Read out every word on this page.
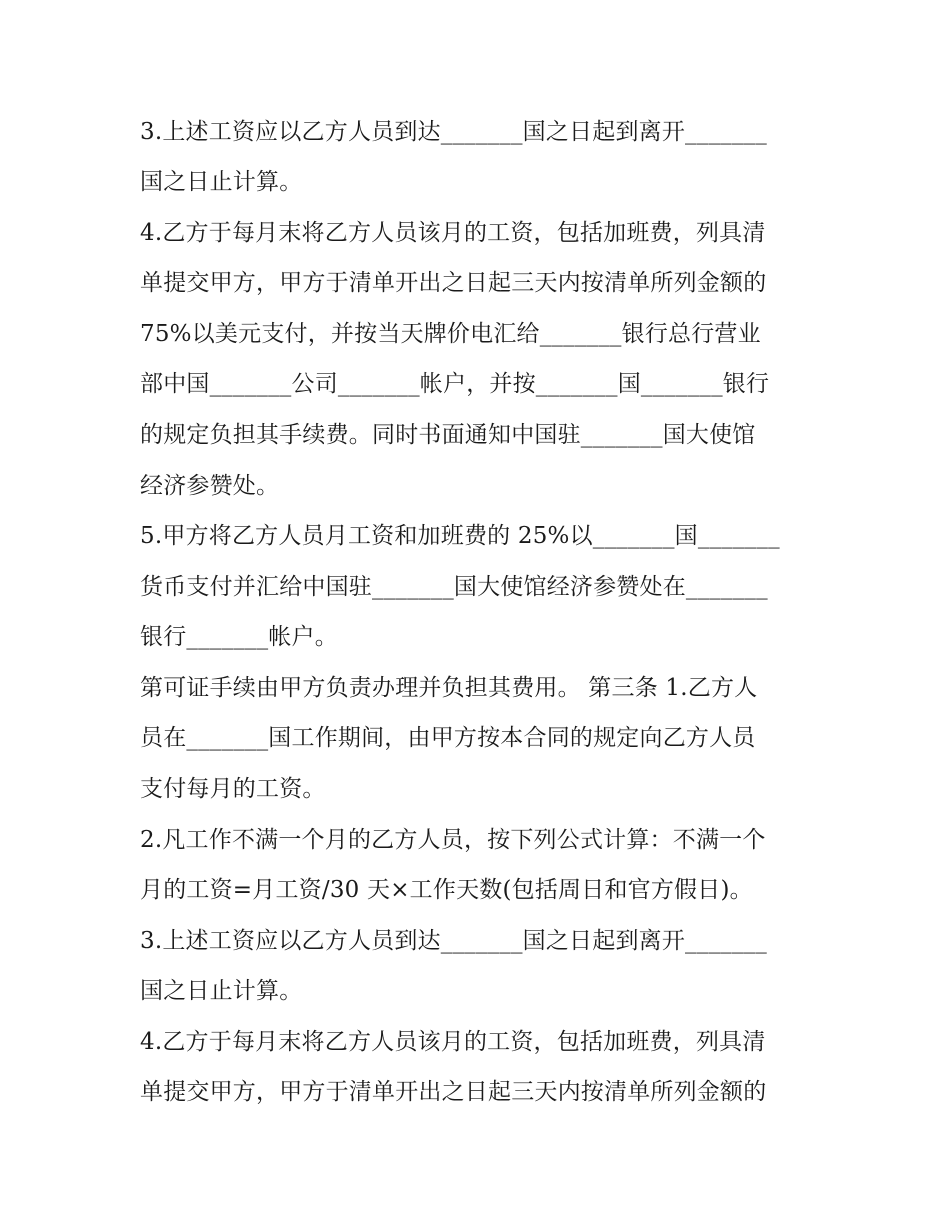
3.上述工资应以乙方人员到达_______国之日起到离开_______
国之日止计算。
4.乙方于每月末将乙方人员该月的工资，包括加班费，列具清
单提交甲方，甲方于清单开出之日起三天内按清单所列金额的
75%以美元支付，并按当天牌价电汇给_______银行总行营业
部中国_______公司_______帐户，并按_______国_______银行
的规定负担其手续费。同时书面通知中国驻_______国大使馆
经济参赞处。
5.甲方将乙方人员月工资和加班费的 25%以_______国_______
货币支付并汇给中国驻_______国大使馆经济参赞处在_______
银行_______帐户。
第可证手续由甲方负责办理并负担其费用。 第三条 1.乙方人
员在_______国工作期间，由甲方按本合同的规定向乙方人员
支付每月的工资。
2.凡工作不满一个月的乙方人员，按下列公式计算：不满一个
月的工资=月工资/30 天×工作天数(包括周日和官方假日)。
3.上述工资应以乙方人员到达_______国之日起到离开_______
国之日止计算。
4.乙方于每月末将乙方人员该月的工资，包括加班费，列具清
单提交甲方，甲方于清单开出之日起三天内按清单所列金额的
